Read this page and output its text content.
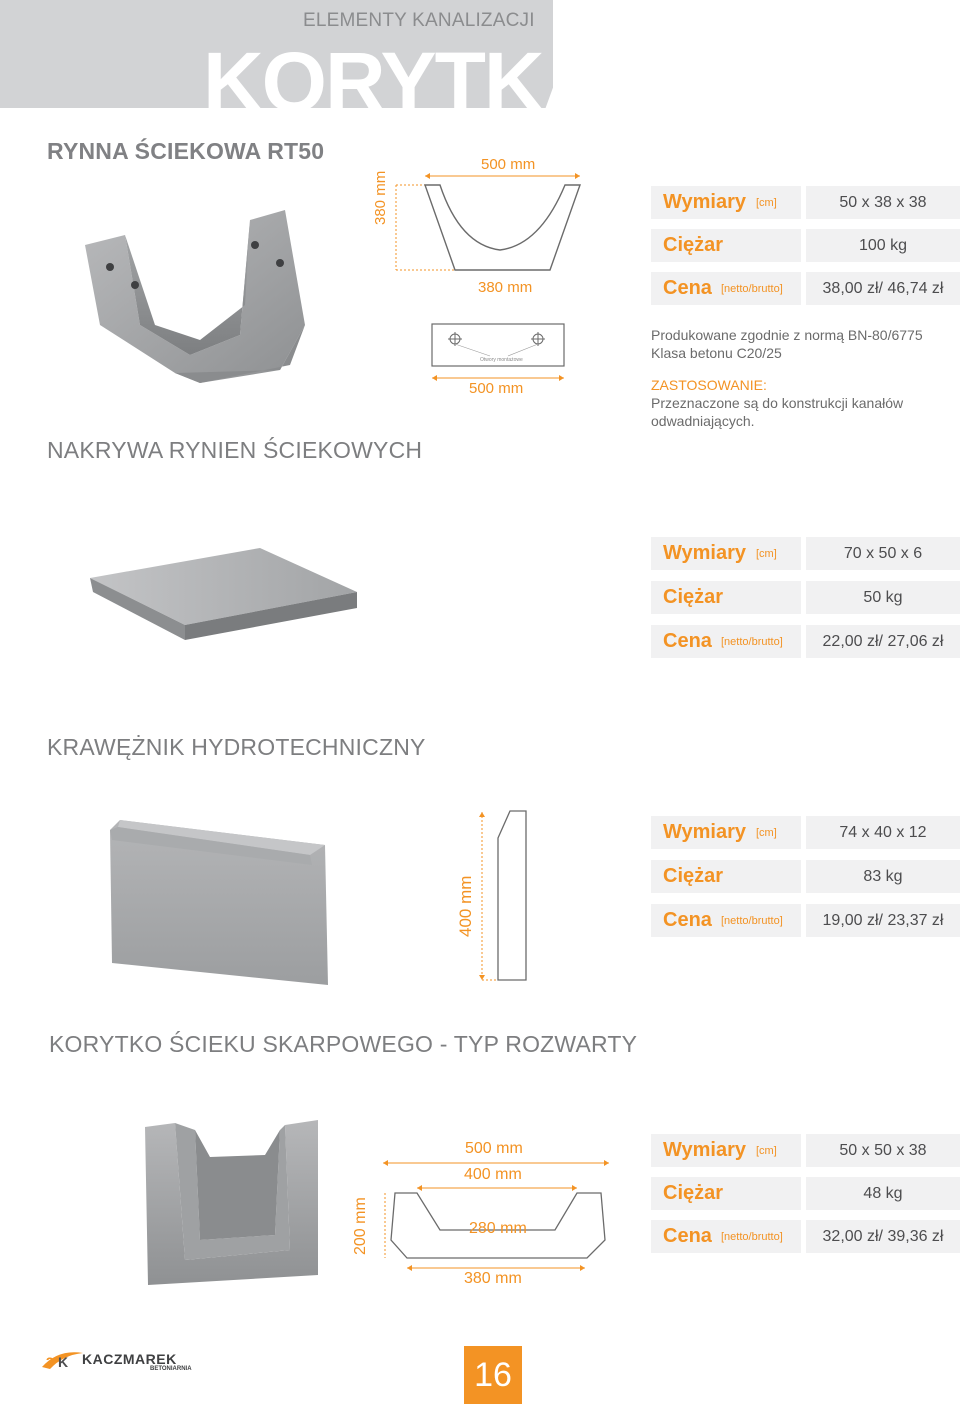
ELEMENTY KANALIZACJI
KORYTKA
RYNNA ŚCIEKOWA RT50
500 mm
380 mm
380 mm
Otwory montażowe
500 mm
Wymiary [cm]	50 x 38 x 38
Ciężar	100 kg
Cena [netto/brutto]	38,00 zł/ 46,74 zł
Produkowane zgodnie z normą BN-80/6775
Klasa betonu C20/25
ZASTOSOWANIE:
Przeznaczone są do konstrukcji kanałów odwadniających.
NAKRYWA RYNIEN ŚCIEKOWYCH
Wymiary [cm]	70 x 50 x 6
Ciężar	50 kg
Cena [netto/brutto]	22,00 zł/ 27,06 zł
KRAWĘŻNIK HYDROTECHNICZNY
400 mm
Wymiary [cm]	74 x 40 x 12
Ciężar	83 kg
Cena [netto/brutto]	19,00 zł/ 23,37 zł
KORYTKO ŚCIEKU SKARPOWEGO - TYP ROZWARTY
500 mm
400 mm
200 mm	280 mm
380 mm
Wymiary [cm]	50 x 50 x 38
Ciężar	48 kg
Cena [netto/brutto]	32,00 zł/ 39,36 zł
3 K KACZMAREK
BETONIARNIA	16
